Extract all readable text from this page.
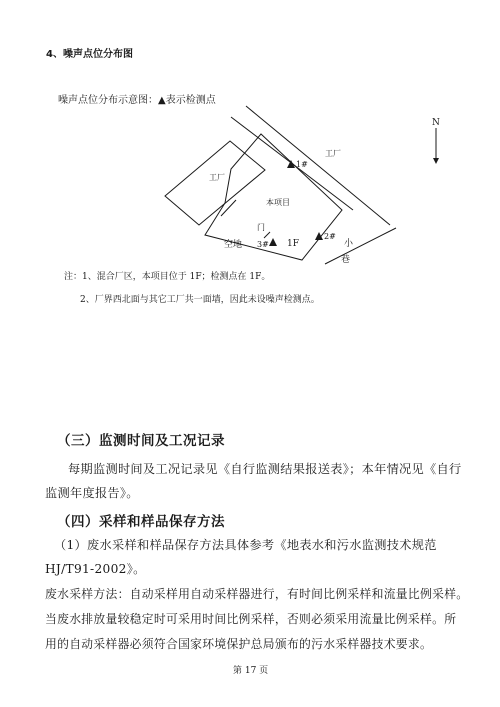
4、噪声点位分布图
噪声点位分布示意图：▲表示检测点
N
工厂
工厂
本项目
门
空地	1F	小
巷
1#
2#
3#
注：1、混合厂区，本项目位于 1F；检测点在 1F。
2、厂界西北面与其它工厂共一面墙，因此未设噪声检测点。
（三）监测时间及工况记录
每期监测时间及工况记录见《自行监测结果报送表》；本年情况见《自行
监测年度报告》。
（四）采样和样品保存方法
（1）废水采样和样品保存方法具体参考《地表水和污水监测技术规范
HJ/T91-2002》。
废水采样方法：自动采样用自动采样器进行，有时间比例采样和流量比例采样。
当废水排放量较稳定时可采用时间比例采样，否则必须采用流量比例采样。所
用的自动采样器必须符合国家环境保护总局颁布的污水采样器技术要求。
第 17 页
